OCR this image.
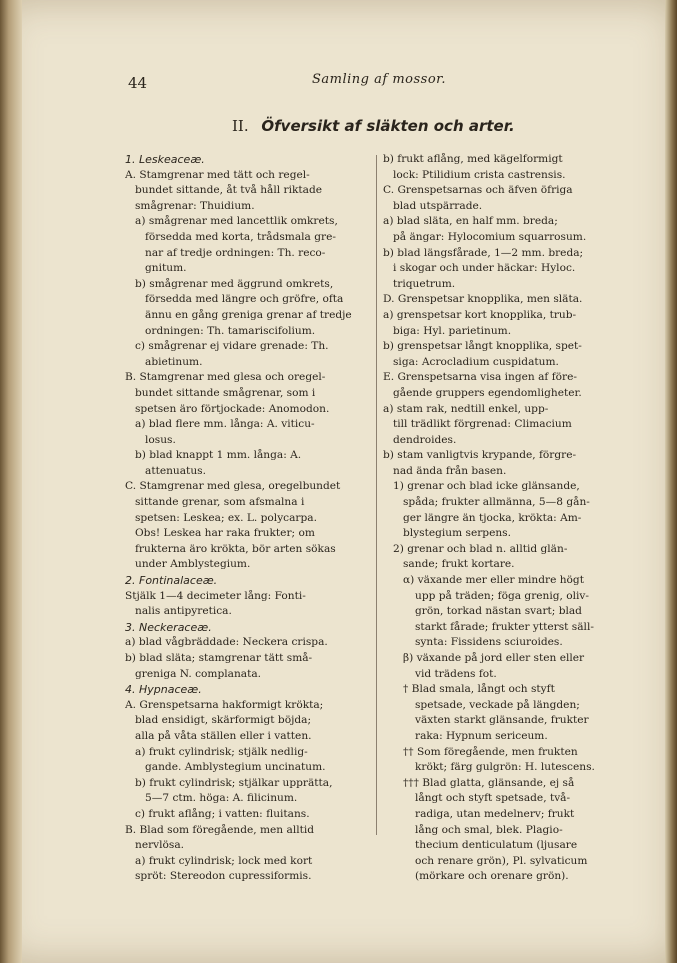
44	Samling af mossor.
II. Öfversikt af släkten och arter.
1. Leskeaceæ.
A. Stamgrenar med tätt och regel-
bundet sittande, åt två håll riktade
smågrenar: Thuidium.
a) smågrenar med lancettlik omkrets,
försedda med korta, trådsmala gre-
nar af tredje ordningen: Th. reco-
gnitum.
b) smågrenar med äggrund omkrets,
försedda med längre och gröfre, ofta
ännu en gång greniga grenar af tredje
ordningen: Th. tamariscifolium.
c) smågrenar ej vidare grenade: Th.
abietinum.
B. Stamgrenar med glesa och oregel-
bundet sittande smågrenar, som i
spetsen äro förtjockade: Anomodon.
a) blad flere mm. långa: A. viticu-
losus.
b) blad knappt 1 mm. långa: A.
attenuatus.
C. Stamgrenar med glesa, oregelbundet
sittande grenar, som afsmalna i
spetsen: Leskea; ex. L. polycarpa.
Obs! Leskea har raka frukter; om
frukterna äro krökta, bör arten sökas
under Amblystegium.
2. Fontinalaceæ.
Stjälk 1—4 decimeter lång: Fonti-
nalis antipyretica.
3. Neckeraceæ.
a) blad vågbräddade: Neckera crispa.
b) blad släta; stamgrenar tätt små-
greniga N. complanata.
4. Hypnaceæ.
A. Grenspetsarna hakformigt krökta;
blad ensidigt, skärformigt böjda;
alla på våta ställen eller i vatten.
a) frukt cylindrisk; stjälk nedlig-
gande. Amblystegium uncinatum.
b) frukt cylindrisk; stjälkar upprätta,
5—7 ctm. höga: A. filicinum.
c) frukt aflång; i vatten: fluitans.
B. Blad som föregående, men alltid
nervlösa.
a) frukt cylindrisk; lock med kort
spröt: Stereodon cupressiformis.
b) frukt aflång, med kägelformigt
lock: Ptilidium crista castrensis.
C. Grenspetsarnas och äfven öfriga
blad utspärrade.
a) blad släta, en half mm. breda;
på ängar: Hylocomium squarrosum.
b) blad längsfårade, 1—2 mm. breda;
i skogar och under häckar: Hyloc.
triquetrum.
D. Grenspetsar knopplika, men släta.
a) grenspetsar kort knopplika, trub-
biga: Hyl. parietinum.
b) grenspetsar långt knopplika, spet-
siga: Acrocladium cuspidatum.
E. Grenspetsarna visa ingen af före-
gående gruppers egendomligheter.
a) stam rak, nedtill enkel, upp-
till trädlikt förgrenad: Climacium
dendroides.
b) stam vanligtvis krypande, förgre-
nad ända från basen.
1) grenar och blad icke glänsande,
spåda; frukter allmänna, 5—8 gån-
ger längre än tjocka, krökta: Am-
blystegium serpens.
2) grenar och blad n. alltid glän-
sande; frukt kortare.
α) växande mer eller mindre högt
upp på träden; föga grenig, oliv-
grön, torkad nästan svart; blad
starkt fårade; frukter ytterst säll-
synta: Fissidens sciuroides.
β) växande på jord eller sten eller
vid trädens fot.
† Blad smala, långt och styft
spetsade, veckade på längden;
växten starkt glänsande, frukter
raka: Hypnum sericeum.
†† Som föregående, men frukten
krökt; färg gulgrön: H. lutescens.
††† Blad glatta, glänsande, ej så
långt och styft spetsade, två-
radiga, utan medelnerv; frukt
lång och smal, blek. Plagio-
thecium denticulatum (ljusare
och renare grön), Pl. sylvaticum
(mörkare och orenare grön).
